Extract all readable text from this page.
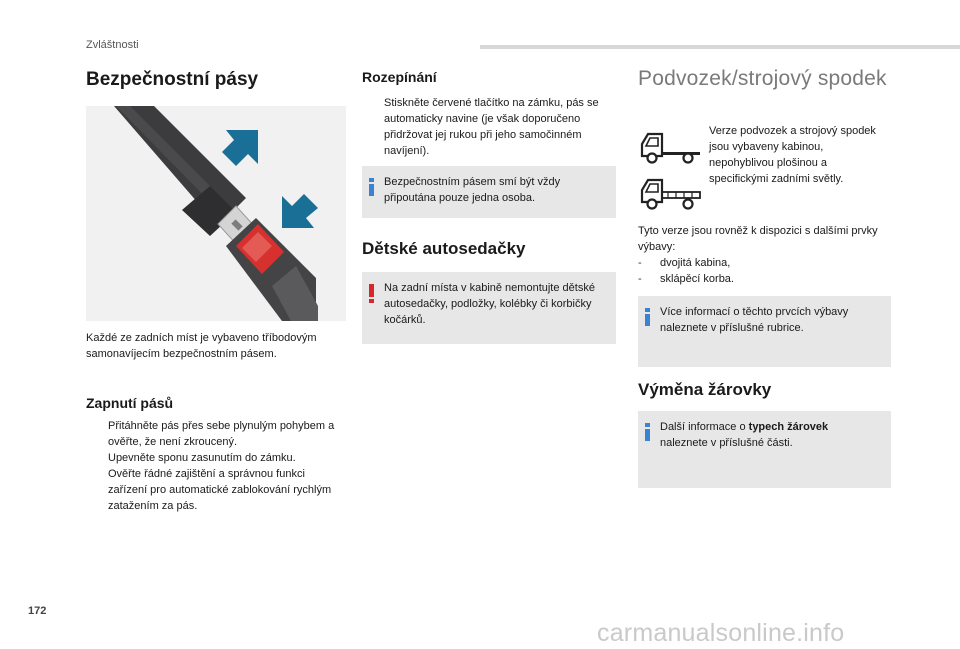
Zvláštnosti
Bezpečnostní pásy
Každé ze zadních míst je vybaveno tříbodovým samonavíjecím bezpečnostním pásem.
Zapnutí pásů
Přitáhněte pás přes sebe plynulým pohybem a ověřte, že není zkroucený.
Upevněte sponu zasunutím do zámku.
Ověřte řádné zajištění a správnou funkci zařízení pro automatické zablokování rychlým zatažením za pás.
Rozepínání
Stiskněte červené tlačítko na zámku, pás se automaticky navine (je však doporučeno přidržovat jej rukou při jeho samočinném navíjení).
Bezpečnostním pásem smí být vždy připoutána pouze jedna osoba.
Dětské autosedačky
Na zadní místa v kabině nemontujte dětské autosedačky, podložky, kolébky či korbičky kočárků.
Podvozek/strojový spodek
Verze podvozek a strojový spodek jsou vybaveny kabinou, nepohyblivou plošinou a specifickými zadními světly.
Tyto verze jsou rovněž k dispozici s dalšími prvky výbavy:
- dvojitá kabina,
- sklápěcí korba.
Více informací o těchto prvcích výbavy naleznete v příslušné rubrice.
Výměna žárovky
Další informace o typech žárovek
naleznete v příslušné části.
172
carmanualsonline.info
